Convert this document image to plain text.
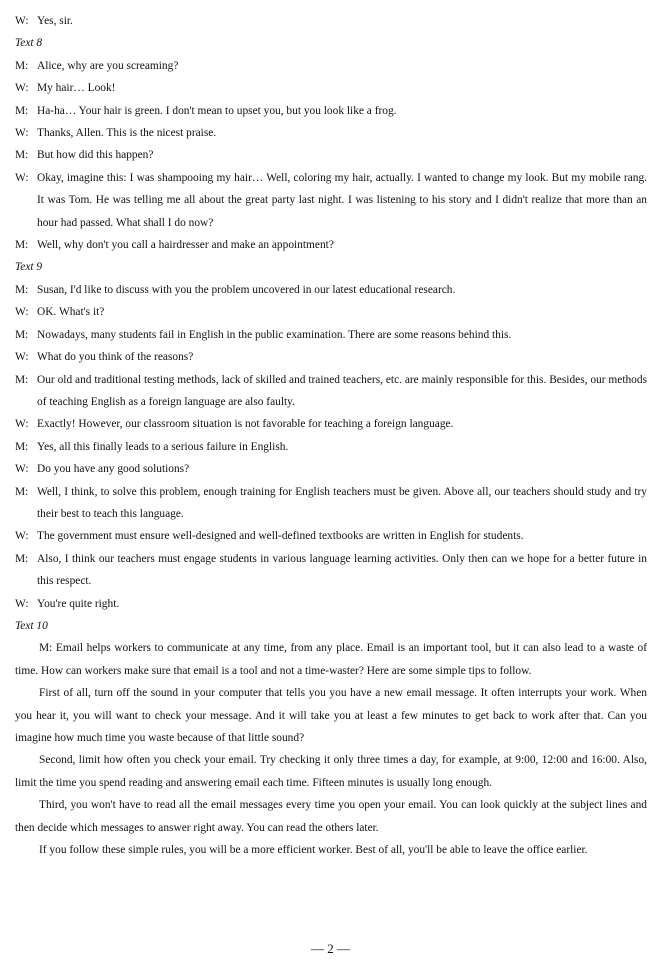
W: Yes, sir.
Text 8
M: Alice, why are you screaming?
W: My hair… Look!
M: Ha-ha… Your hair is green. I don't mean to upset you, but you look like a frog.
W: Thanks, Allen. This is the nicest praise.
M: But how did this happen?
W: Okay, imagine this: I was shampooing my hair… Well, coloring my hair, actually. I wanted to change my look. But my mobile rang. It was Tom. He was telling me all about the great party last night. I was listening to his story and I didn't realize that more than an hour had passed. What shall I do now?
M: Well, why don't you call a hairdresser and make an appointment?
Text 9
M: Susan, I'd like to discuss with you the problem uncovered in our latest educational research.
W: OK. What's it?
M: Nowadays, many students fail in English in the public examination. There are some reasons behind this.
W: What do you think of the reasons?
M: Our old and traditional testing methods, lack of skilled and trained teachers, etc. are mainly responsible for this. Besides, our methods of teaching English as a foreign language are also faulty.
W: Exactly! However, our classroom situation is not favorable for teaching a foreign language.
M: Yes, all this finally leads to a serious failure in English.
W: Do you have any good solutions?
M: Well, I think, to solve this problem, enough training for English teachers must be given. Above all, our teachers should study and try their best to teach this language.
W: The government must ensure well-designed and well-defined textbooks are written in English for students.
M: Also, I think our teachers must engage students in various language learning activities. Only then can we hope for a better future in this respect.
W: You're quite right.
Text 10

M: Email helps workers to communicate at any time, from any place. Email is an important tool, but it can also lead to a waste of time. How can workers make sure that email is a tool and not a time-waster? Here are some simple tips to follow.

First of all, turn off the sound in your computer that tells you you have a new email message. It often interrupts your work. When you hear it, you will want to check your message. And it will take you at least a few minutes to get back to work after that. Can you imagine how much time you waste because of that little sound?

Second, limit how often you check your email. Try checking it only three times a day, for example, at 9:00, 12:00 and 16:00. Also, limit the time you spend reading and answering email each time. Fifteen minutes is usually long enough.

Third, you won't have to read all the email messages every time you open your email. You can look quickly at the subject lines and then decide which messages to answer right away. You can read the others later.

If you follow these simple rules, you will be a more efficient worker. Best of all, you'll be able to leave the office earlier.

— 2 —
